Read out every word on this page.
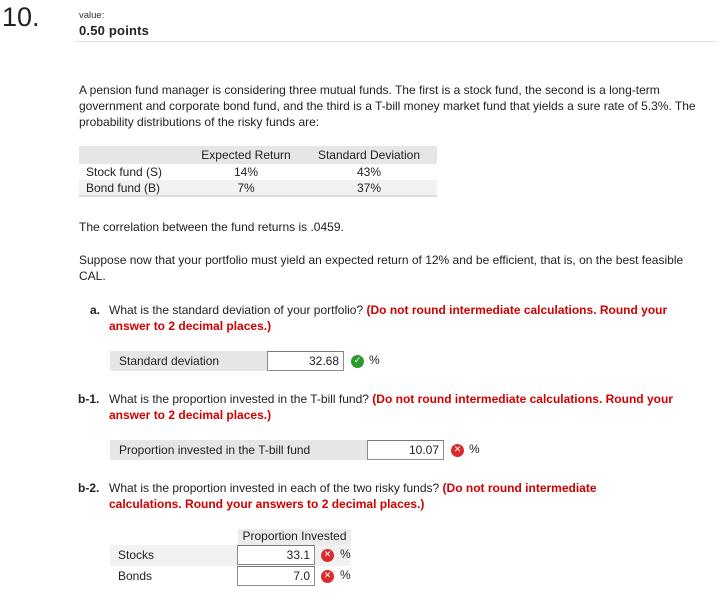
10.	value:
0.50 points
A pension fund manager is considering three mutual funds. The first is a stock fund, the second is a long-term government and corporate bond fund, and the third is a T-bill money market fund that yields a sure rate of 5.3%. The probability distributions of the risky funds are:
	Expected Return	Standard Deviation
Stock fund (S)	14%	43%
Bond fund (B)	7%	37%
The correlation between the fund returns is .0459.
Suppose now that your portfolio must yield an expected return of 12% and be efficient, that is, on the best feasible CAL.
a. What is the standard deviation of your portfolio? (Do not round intermediate calculations. Round your answer to 2 decimal places.)
Standard deviation	32.68	✓ %
b-1. What is the proportion invested in the T-bill fund? (Do not round intermediate calculations. Round your answer to 2 decimal places.)
Proportion invested in the T-bill fund	10.07	✕ %
b-2. What is the proportion invested in each of the two risky funds? (Do not round intermediate calculations. Round your answers to 2 decimal places.)
Proportion Invested
Stocks	33.1	✕ %
Bonds	7.0	✕ %
